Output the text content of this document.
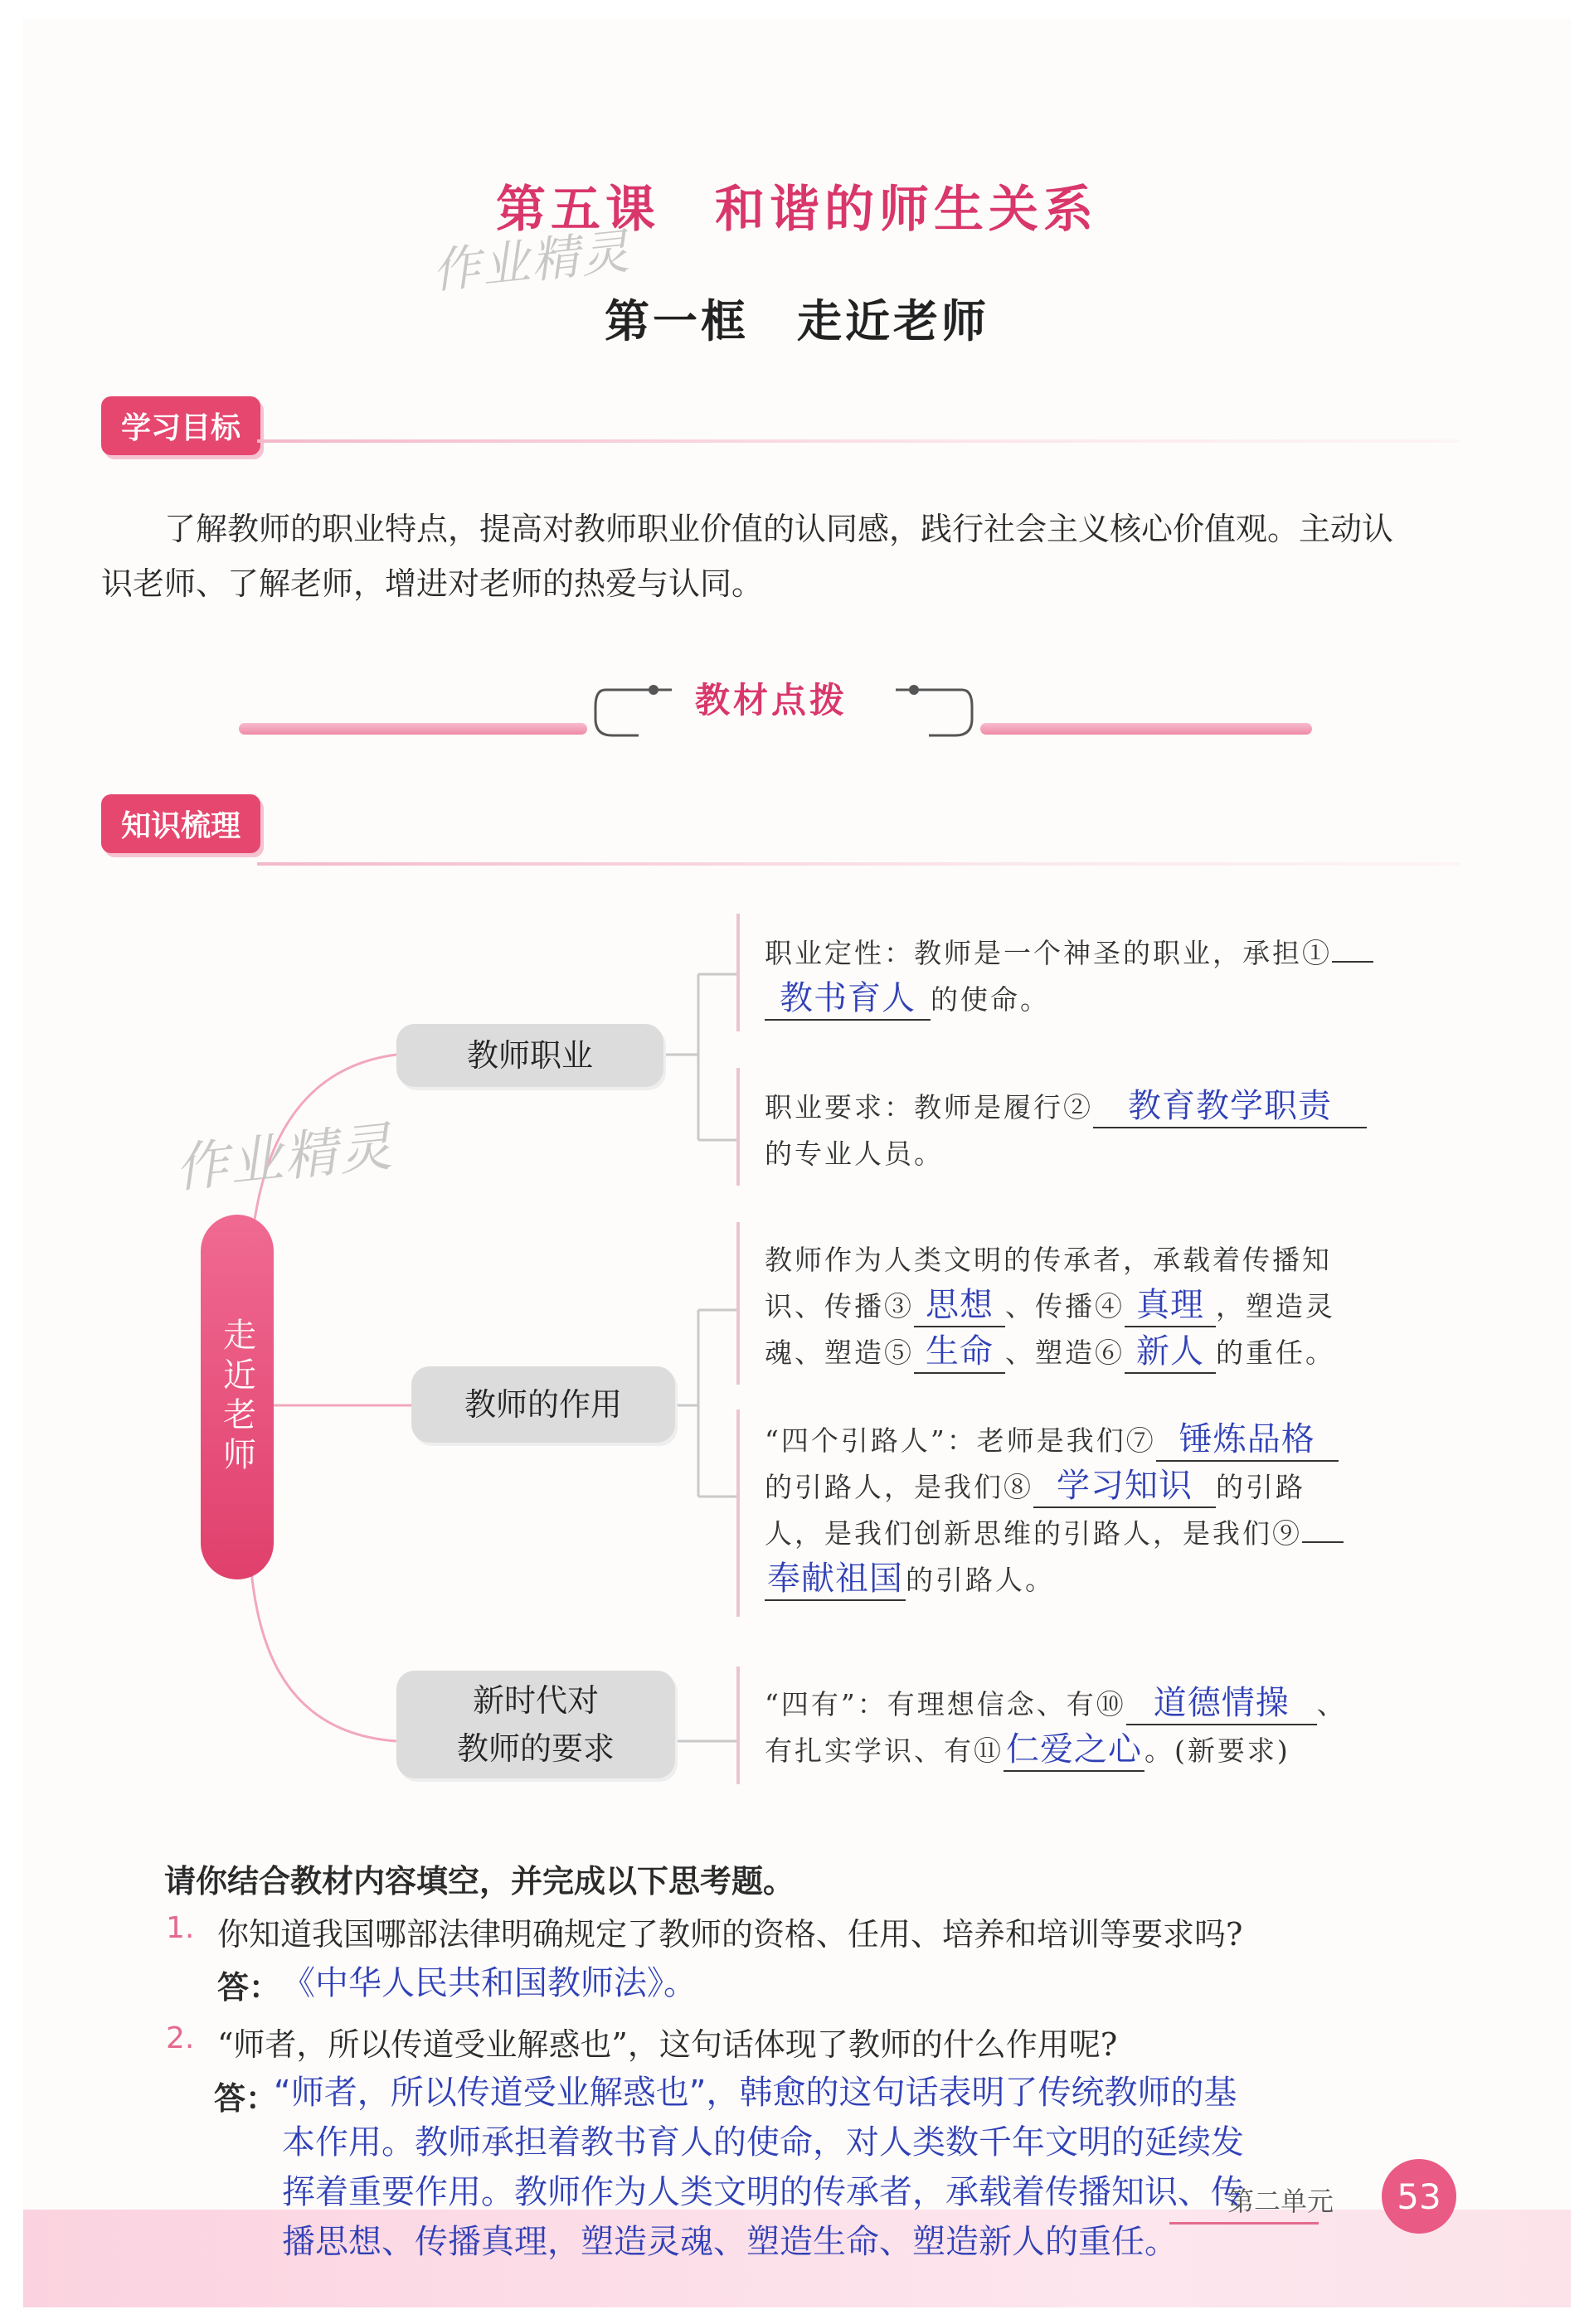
第五课　和谐的师生关系
作业精灵
第一框　走近老师
学习目标
了解教师的职业特点，提高对教师职业价值的认同感，践行社会主义核心价值观。主动认
识老师、了解老师，增进对老师的热爱与认同。
教材点拨
知识梳理
走近老师
教师职业
教师的作用
新时代对
教师的要求
职业定性：教师是一个神圣的职业，承担①
教书育人 的使命。
职业要求：教师是履行② 教育教学职责
的专业人员。
教师作为人类文明的传承者，承载着传播知
识、传播③ 思想 、传播④ 真理 ，塑造灵
魂、塑造⑤ 生命 、塑造⑥ 新人 的重任。
“四个引路人”：老师是我们⑦ 锤炼品格
的引路人，是我们⑧ 学习知识 的引路
人，是我们创新思维的引路人，是我们⑨
奉献祖国的引路人。
“四有”：有理想信念、有⑩ 道德情操 、
有扎实学识、有⑪仁爱之心。(新要求)
作业精灵
请你结合教材内容填空，并完成以下思考题。
1. 你知道我国哪部法律明确规定了教师的资格、任用、培养和培训等要求吗?
答： 《中华人民共和国教师法》。
2. “师者，所以传道受业解惑也”，这句话体现了教师的什么作用呢?
答：
“师者，所以传道受业解惑也”，韩愈的这句话表明了传统教师的基
第二单元	53
本作用。教师承担着教书育人的使命，对人类数千年文明的延续发
挥着重要作用。教师作为人类文明的传承者，承载着传播知识、传
播思想、传播真理，塑造灵魂、塑造生命、塑造新人的重任。
